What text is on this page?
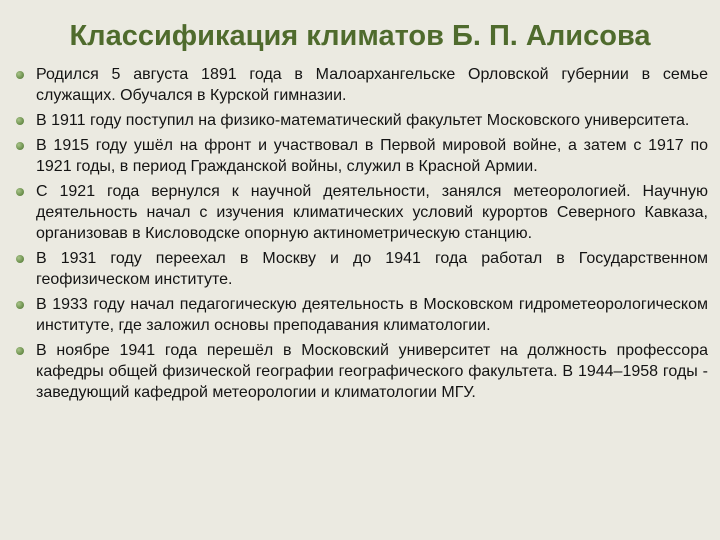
Классификация климатов Б. П. Алисова
Родился 5 августа 1891 года в Малоархангельске Орловской губернии в семье служащих. Обучался в Курской гимназии.
В 1911 году поступил на физико-математический факультет Московского университета.
В 1915 году ушёл на фронт и участвовал в Первой мировой войне, а затем с 1917 по 1921 годы, в период Гражданской войны, служил в Красной Армии.
С 1921 года вернулся к научной деятельности, занялся метеорологией. Научную деятельность начал с изучения климатических условий курортов Северного Кавказа, организовав в Кисловодске опорную актинометрическую станцию.
В 1931 году переехал в Москву и до 1941 года работал в Государственном геофизическом институте.
В 1933 году начал педагогическую деятельность в Московском гидрометеорологическом институте, где заложил основы преподавания климатологии.
В ноябре 1941 года перешёл в Московский университет на должность профессора кафедры общей физической географии географического факультета. В 1944–1958 годы - заведующий кафедрой метеорологии и климатологии МГУ.
